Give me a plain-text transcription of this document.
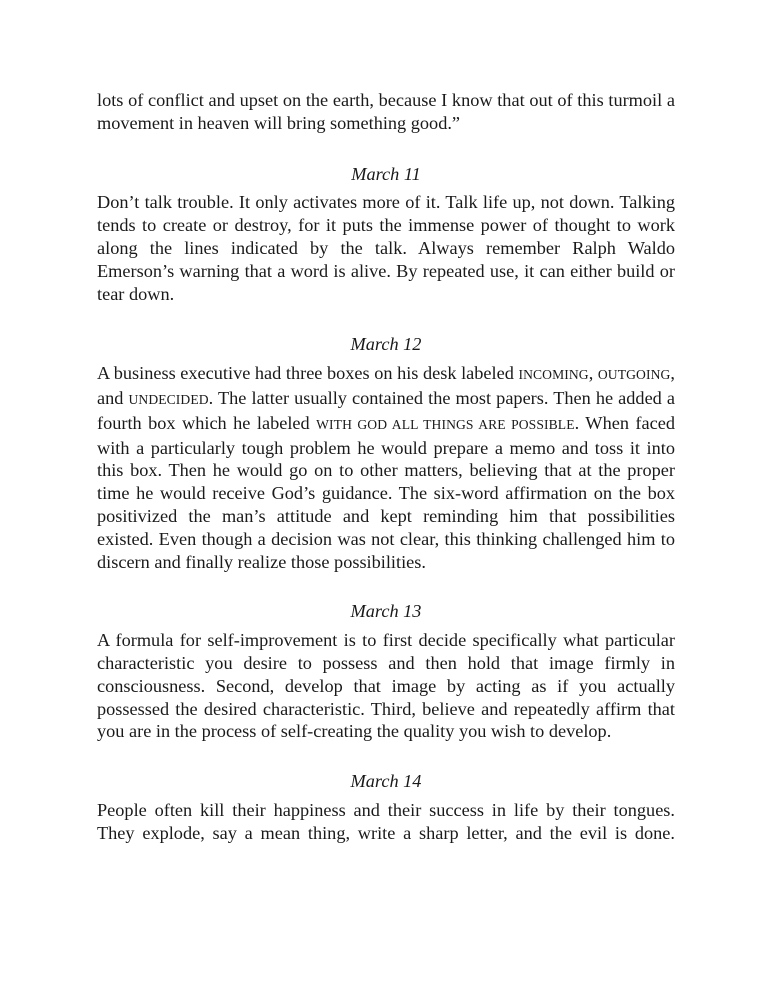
lots of conflict and upset on the earth, because I know that out of this turmoil a movement in heaven will bring something good.”

March 11

Don’t talk trouble. It only activates more of it. Talk life up, not down. Talking tends to create or destroy, for it puts the immense power of thought to work along the lines indicated by the talk. Always remember Ralph Waldo Emerson’s warning that a word is alive. By repeated use, it can either build or tear down.

March 12

A business executive had three boxes on his desk labeled INCOMING, OUTGOING, and UNDECIDED. The latter usually contained the most papers. Then he added a fourth box which he labeled WITH GOD ALL THINGS ARE POSSIBLE. When faced with a particularly tough problem he would prepare a memo and toss it into this box. Then he would go on to other matters, believing that at the proper time he would receive God’s guidance. The six-word affirmation on the box positivized the man’s attitude and kept reminding him that possibilities existed. Even though a decision was not clear, this thinking challenged him to discern and finally realize those possibilities.

March 13

A formula for self-improvement is to first decide specifically what particular characteristic you desire to possess and then hold that image firmly in consciousness. Second, develop that image by acting as if you actually possessed the desired characteristic. Third, believe and repeatedly affirm that you are in the process of self-creating the quality you wish to develop.

March 14

People often kill their happiness and their success in life by their tongues. They explode, say a mean thing, write a sharp letter, and the evil is done.
